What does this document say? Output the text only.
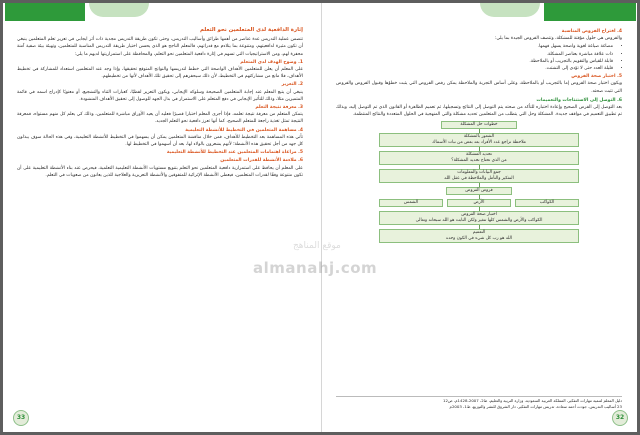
إثارة الدافعية لدى المتعلمين نحو التعلم

تتضمن عملية التدريس عدة عناصر من أهمها طرائق وأساليب التدريس، وحتى تكون طريقة التدريس مجدية ذات أثر ايجابي في تعزيز تعلم المتعلمين ينبغي أن تكون مثيرة لدافعيتهم، ومتنوعة بما يتلاءم مع قدراتهم، فالمعلم الناجح هو الذي يحسن اختيار طريقة التدريس المناسبة للمتعلمين، وتهيئة بيئة صفية آمنة محفزة لهم، ومن الاستراتيجيات التي تسهم في إثارة دافعية المتعلمين نحو التعلم، والمحافظة على استمراريتها لديهم ما يلي:

1. وضوح الهدف لدى المتعلم

على المعلم أن يعلن للمتعلمين الأهداف الواضحة التي خطط لتدريسها والنواتج المتوقع تحقيقها، وإذا وجد عند المتعلمين استعداد للمشاركة في تخطيط الأهداف، فلا مانع من مشاركتهم في التخطيط، لأن ذلك سيحفزهم إلى تحقيق تلك الأهداف لأنها من تخطيطهم.

2. التعزيز

ينبغي أن يتبع المعلم عند إجابة المتعلمين الصحيحة وسلوكه الإيجابي، ويكون التعزيز لفظيًا، كعبارات الثناء والتشجيع، أو معنويًا كإدراج اسمه في قائمة المتميزين مثلا، وذلك للتأثير الإيجابي في دفع المتعلم على الاستمرار في بذل الجهد للوصول إلى تحقيق الأهداف المنشودة.

3. معرفة نتيجة التعلم

يتمكن المتعلم من معرفة نتيجة تعلمه، فإذا أجرى المعلم اختبارا قصيرًا فعليه أن يعيد الأوراق مباشرة للمتعلمين، وذلك كي يعلم كل منهم مستواه، فمعرفة النتيجة تمثل تغذية راجعة للمتعلم الصحيح، كما أنها تعزز دافعية نحو التعلم الجديد.

4. مساهمة المتعلمين في التخطيط للأنشطة التعليمية

تأتي هذه المساهمة بعد التخطيط للأهداف، فمن خلال مناقشة المتعلمين يمكن أن يسهموا في التخطيط للأنشطة التعليمية، وفي هذه الحالة سوف يبذلون كل جهد من أجل تحقيق هذه الأنشطة؛ لأنهم يشعرون بالولاء لها، بعد أن أسهموا في التخطيط لها.

5. مراعاة اهتمامات المتعلمين عند التخطيط للأنشطة التعليمية

6. ملاءمة الأنشطة للقدرات المتعلمين

على المعلم أن يحافظ على استمرارية دافعية المتعلمين نحو التعلم بتنويع مستويات الأنشطة التعليمية التعلمية، فيحرص عند بناء الأنشطة التعليمية على أن تكون متنوعة وفقًا لقدرات المتعلمين، فيعطي الأنشطة الإثرائية للمتفوقين والأنشطة التعزيزية والعلاجية للذين يعانون من صعوبات في التعلم.

33
4. اقتراح الفروض المناسبة

والفروض هي حلول مؤقتة للمشكلة، وتتصف الفروض الجيدة بما يلي:

• مصاغة صياغة لغوية واضحة يسهل فهمها.
• ذات علاقة مباشرة بعناصر المشكلة.
• قابلة للقياس والتقويم بالتجريب أو بالملاحظة.
• قليلة العدد حتى لا تؤدي إلى التشتت.
5. اختبار صحة الفروض

ويكون اختبار صحة الفروض إما بالتجريب أو بالملاحظة، وعلى أساس التجربة والملاحظة يمكن رفض الفروض التي يثبت خطؤها وقبول الفروض والفروض التي تثبت صحته.

6. التوصل إلى الاستنتاجات والتعميمات

بعد التوصل إلى الفرض الصحيح وإعادة اختباره للتأكد من صحته يتم التوصل إلى النتائج وتسجيلها، ثم تعميم الظاهرة أو القانون الذي تم التوصل إليه، وبذلك تم تطبيق التعميم في مواقف جديدة. المشكلة وحل التي يتطلب من المتعلمين تحديد مشكلة والتي المنهجية في الحلول المتعددة والنتائج المنتظمة.

خطوات حل المشكلة
الشعور بالمشكلة
ملاحظة تراجع عدد الأفراد بعد بعض من نبات الأسماك
تحديد المشكلة
من الذي تحتاج تحديد المشكلة؟
جمع البيانات والمعلومات
التفكير والتأمل والملاحظة في عقل الله
فروض الفروض
الكواكب
الأرض
الشمس
اختبار صحة الفروض
الكواكب والأرض والشمس كلها تتغير ولكن الثابت هو الله سبحانه وتعالى
التعميم
الله هو رب كل شيء في الكون وحده
دليل المعلم لتنمية مهارات التفكير، المملكة العربية السعودية، وزارة التربية والتعليم، ط2، 2007-1428م، ص12
23 أساليب التدريس، جودت أحمد سعادة، تدريس مهارات التفكير، دار الشروق للنشر والتوزيع، ط1، 2003م
32
موقع المناهج
almanahj.com
